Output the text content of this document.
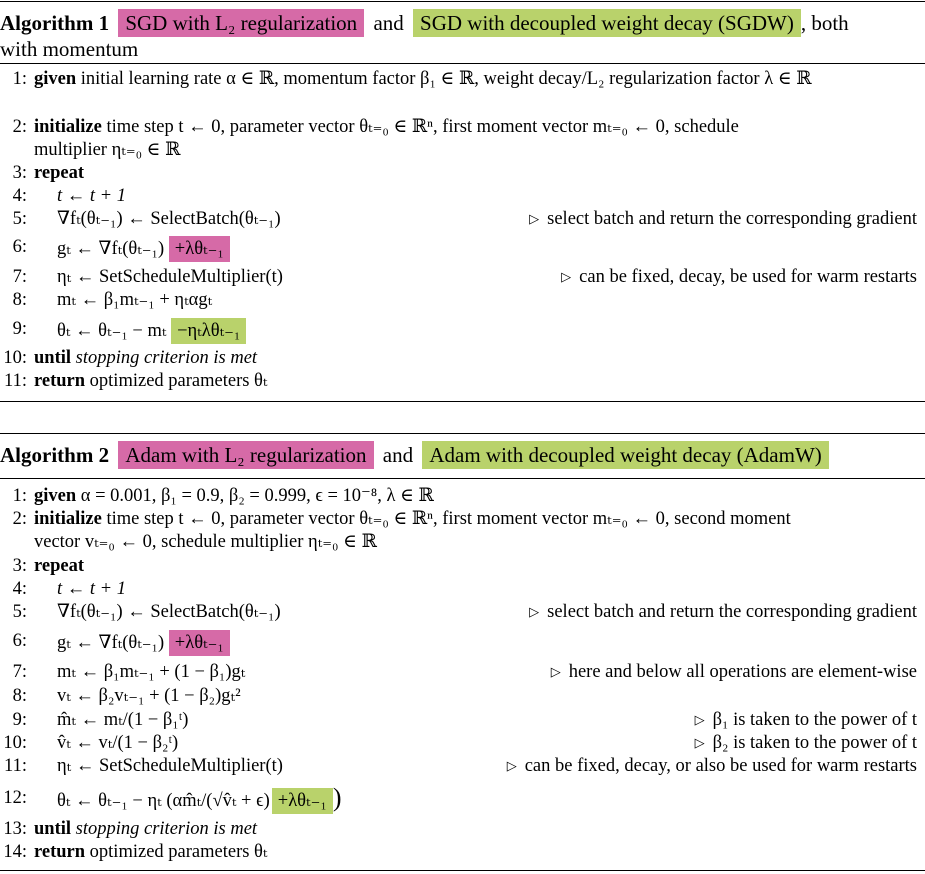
Algorithm 1 SGD with L₂ regularization and SGD with decoupled weight decay (SGDW) , both
with momentum
1: given initial learning rate α ∈ ℝ, momentum factor β₁ ∈ ℝ, weight decay/L₂ regularization factor λ ∈ ℝ
2: initialize time step t ← 0, parameter vector θₜ₌₀ ∈ ℝⁿ, first moment vector mₜ₌₀ ← 0, schedule
multiplier ηₜ₌₀ ∈ ℝ
3: repeat
4: t ← t + 1
5: ∇fₜ(θₜ₋₁) ← SelectBatch(θₜ₋₁)	▷ select batch and return the corresponding gradient
6: gₜ ← ∇fₜ(θₜ₋₁) +λθₜ₋₁
7: ηₜ ← SetScheduleMultiplier(t)	▷ can be fixed, decay, be used for warm restarts
8: mₜ ← β₁mₜ₋₁ + ηₜαgₜ
9: θₜ ← θₜ₋₁ − mₜ −ηₜλθₜ₋₁
10: until stopping criterion is met
11: return optimized parameters θₜ
Algorithm 2 Adam with L₂ regularization and Adam with decoupled weight decay (AdamW)
1: given α = 0.001, β₁ = 0.9, β₂ = 0.999, ϵ = 10⁻⁸, λ ∈ ℝ
2: initialize time step t ← 0, parameter vector θₜ₌₀ ∈ ℝⁿ, first moment vector mₜ₌₀ ← 0, second moment
vector vₜ₌₀ ← 0, schedule multiplier ηₜ₌₀ ∈ ℝ
3: repeat
4: t ← t + 1
5: ∇fₜ(θₜ₋₁) ← SelectBatch(θₜ₋₁)	▷ select batch and return the corresponding gradient
6: gₜ ← ∇fₜ(θₜ₋₁) +λθₜ₋₁
7: mₜ ← β₁mₜ₋₁ + (1 − β₁)gₜ	▷ here and below all operations are element-wise
8: vₜ ← β₂vₜ₋₁ + (1 − β₂)gₜ²
9: m̂ₜ ← mₜ/(1 − β₁ᵗ)	▷ β₁ is taken to the power of t
10: v̂ₜ ← vₜ/(1 − β₂ᵗ)	▷ β₂ is taken to the power of t
11: ηₜ ← SetScheduleMultiplier(t)	▷ can be fixed, decay, or also be used for warm restarts
12: θₜ ← θₜ₋₁ − ηₜ (αm̂ₜ/(√v̂ₜ + ϵ) +λθₜ₋₁ )
13: until stopping criterion is met
14: return optimized parameters θₜ
